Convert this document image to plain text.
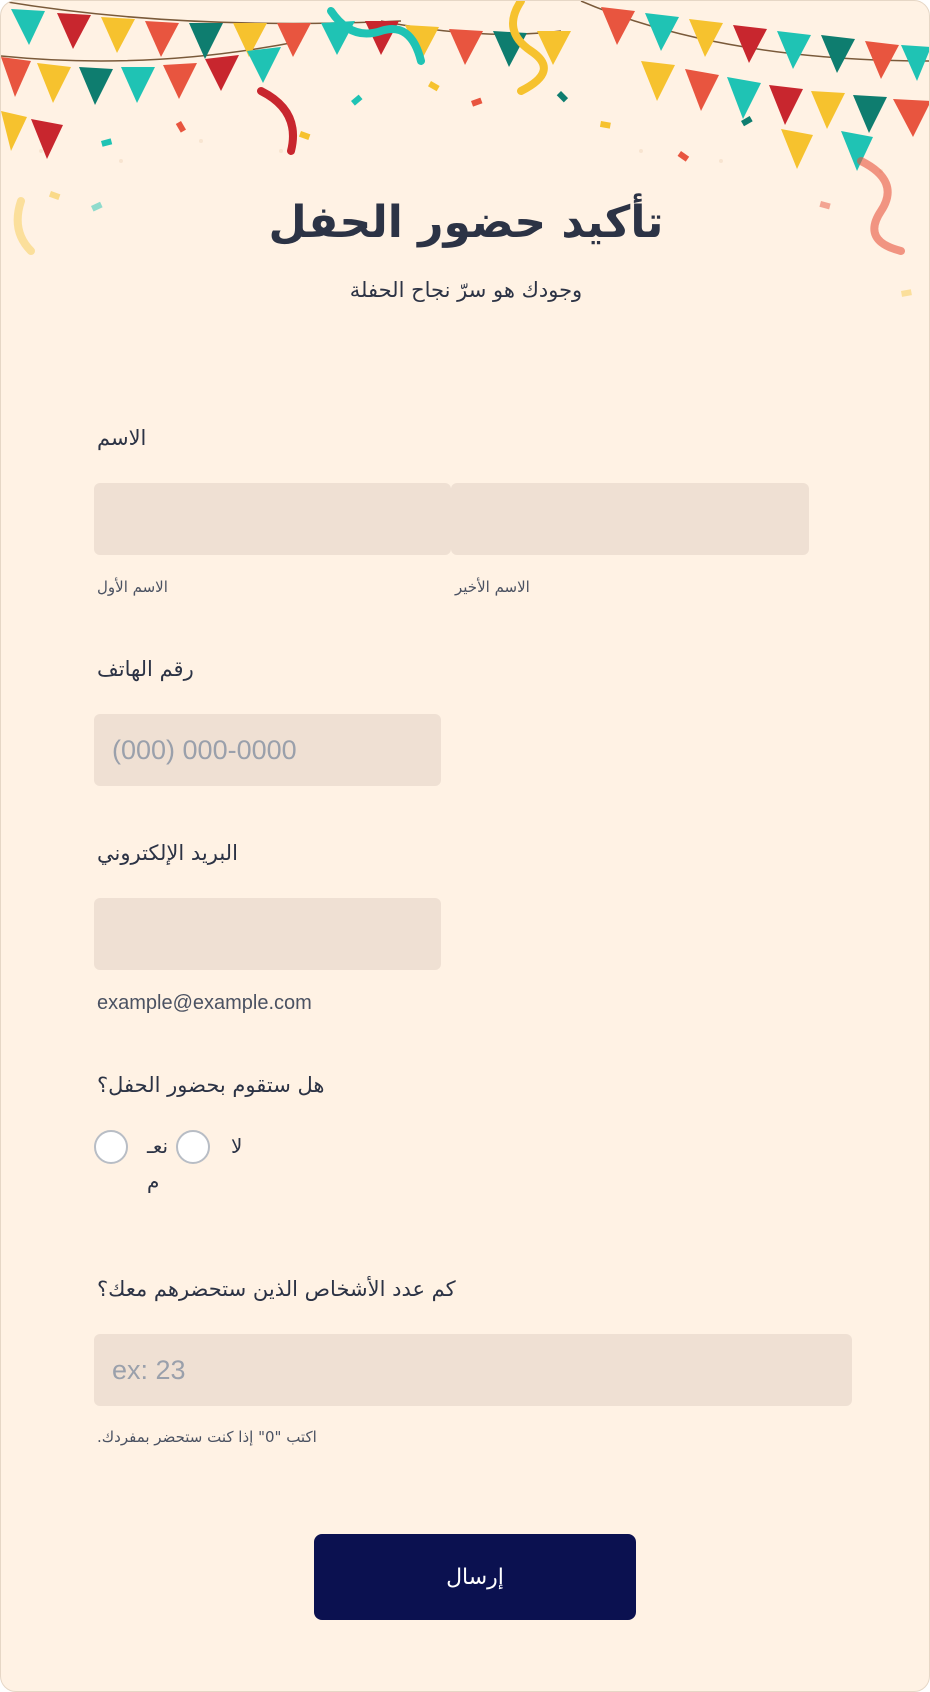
تأكيد حضور الحفل

وجودك هو سرّ نجاح الحفلة

الاسم
الاسم الأول	الاسم الأخير
رقم الهاتف
(000) 000-0000
البريد الإلكتروني
example@example.com
هل ستقوم بحضور الحفل؟
نعـ
م
لا
كم عدد الأشخاص الذين ستحضرهم معك؟
ex: 23
.اكتب "0" إذا كنت ستحضر بمفردك
إرسال
